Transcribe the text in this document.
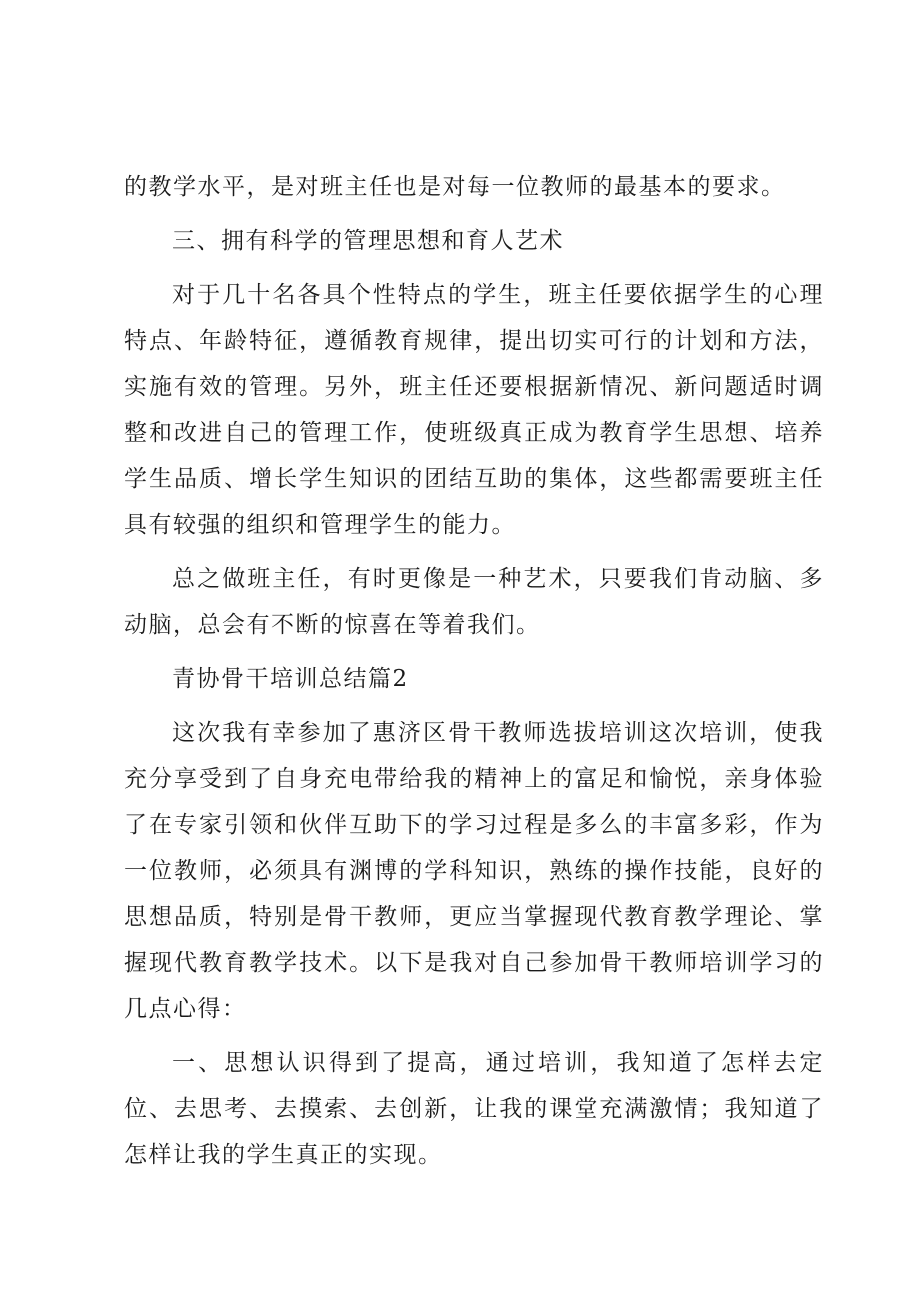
的教学水平，是对班主任也是对每一位教师的最基本的要求。

三、拥有科学的管理思想和育人艺术

对于几十名各具个性特点的学生，班主任要依据学生的心理特点、年龄特征，遵循教育规律，提出切实可行的计划和方法，实施有效的管理。另外，班主任还要根据新情况、新问题适时调整和改进自己的管理工作，使班级真正成为教育学生思想、培养学生品质、增长学生知识的团结互助的集体，这些都需要班主任具有较强的组织和管理学生的能力。

总之做班主任，有时更像是一种艺术，只要我们肯动脑、多动脑，总会有不断的惊喜在等着我们。

青协骨干培训总结篇2

这次我有幸参加了惠济区骨干教师选拔培训这次培训，使我充分享受到了自身充电带给我的精神上的富足和愉悦，亲身体验了在专家引领和伙伴互助下的学习过程是多么的丰富多彩，作为一位教师，必须具有渊博的学科知识，熟练的操作技能，良好的思想品质，特别是骨干教师，更应当掌握现代教育教学理论、掌握现代教育教学技术。以下是我对自己参加骨干教师培训学习的几点心得：

一、思想认识得到了提高，通过培训，我知道了怎样去定位、去思考、去摸索、去创新，让我的课堂充满激情；我知道了怎样让我的学生真正的实现。
